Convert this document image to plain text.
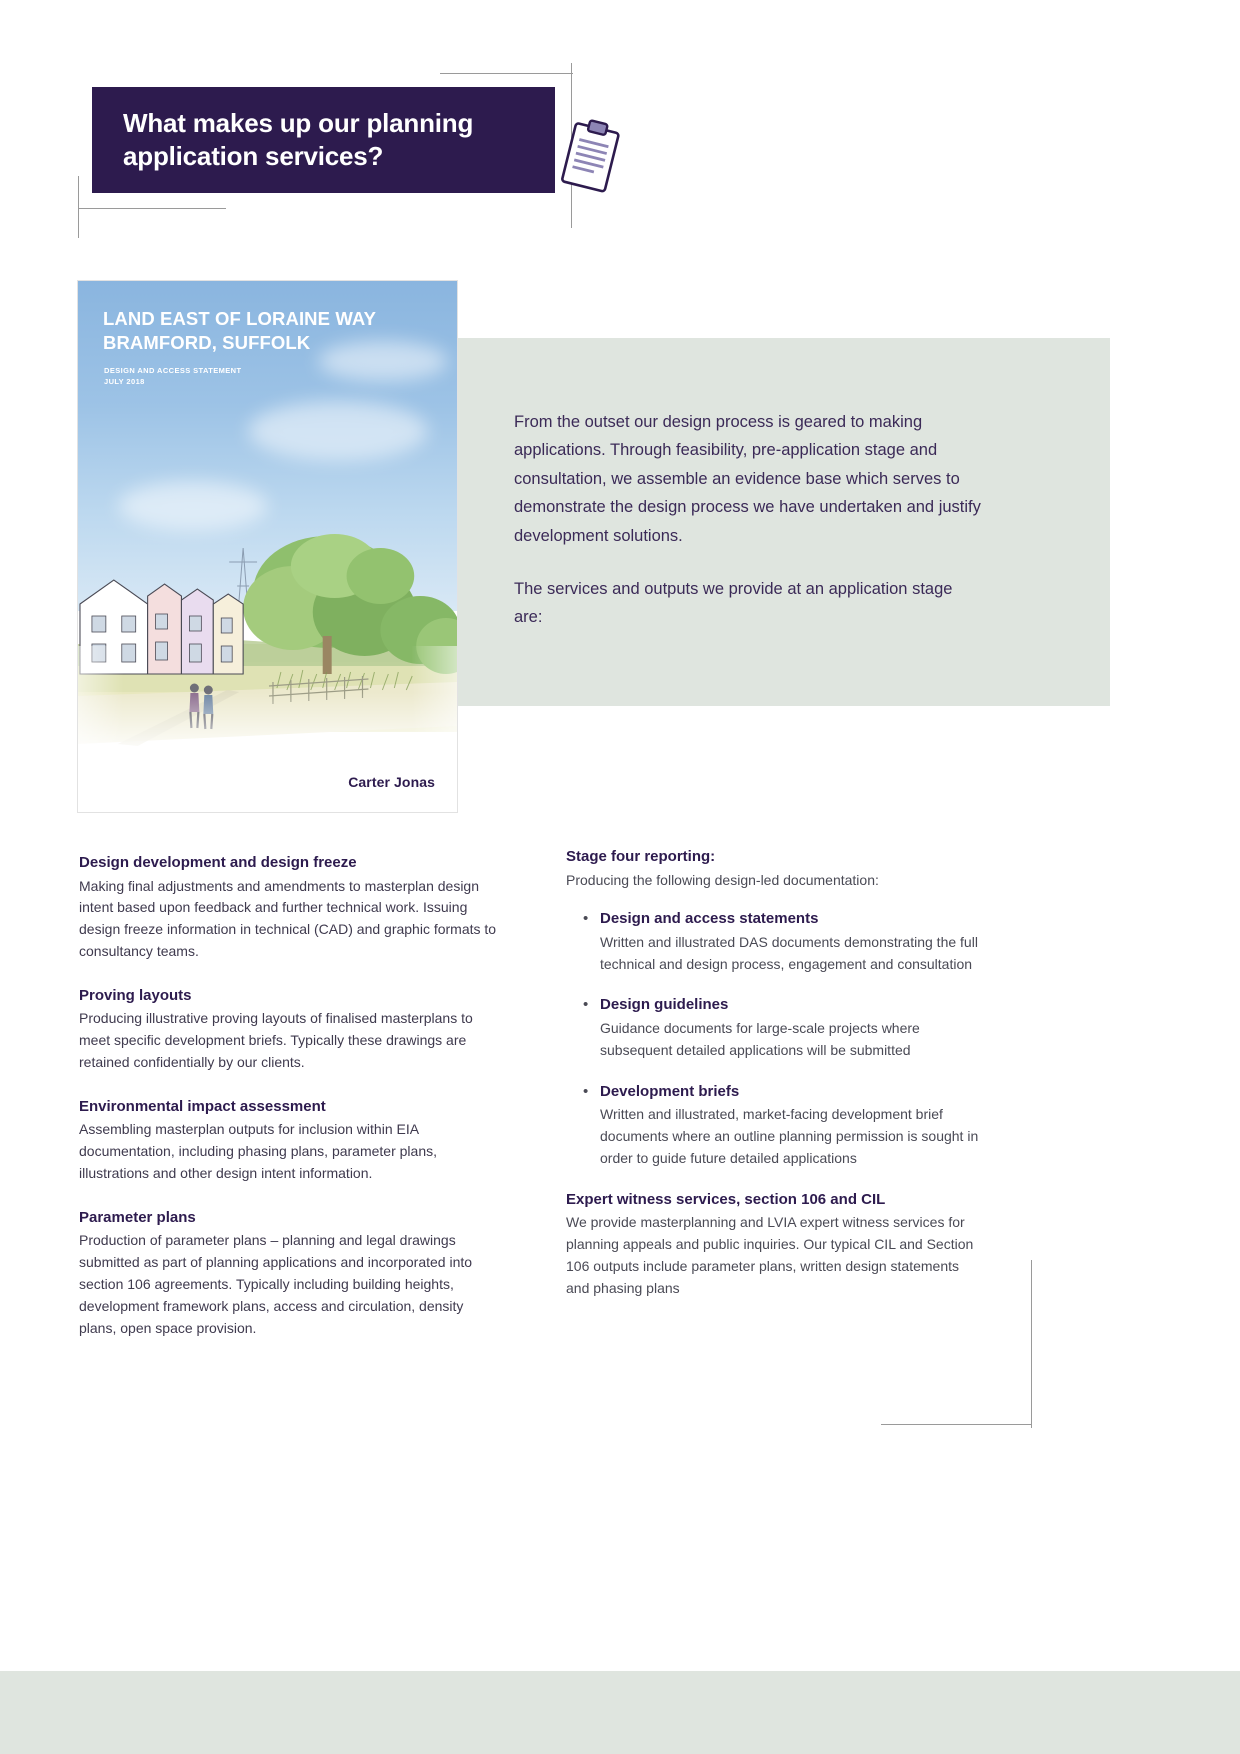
What makes up our planning application services?

From the outset our design process is geared to making applications. Through feasibility, pre-application stage and consultation, we assemble an evidence base which serves to demonstrate the design process we have undertaken and justify development solutions.

The services and outputs we provide at an application stage are:

LAND EAST OF LORAINE WAY
BRAMFORD, SUFFOLK
DESIGN AND ACCESS STATEMENT
JULY 2018
Carter Jonas
Design development and design freeze
Making final adjustments and amendments to masterplan design intent based upon feedback and further technical work. Issuing design freeze information in technical (CAD) and graphic formats to consultancy teams.
Proving layouts
Producing illustrative proving layouts of finalised masterplans to meet specific development briefs. Typically these drawings are retained confidentially by our clients.
Environmental impact assessment
Assembling masterplan outputs for inclusion within EIA documentation, including phasing plans, parameter plans, illustrations and other design intent information.
Parameter plans
Production of parameter plans – planning and legal drawings submitted as part of planning applications and incorporated into section 106 agreements. Typically including building heights, development framework plans, access and circulation, density plans, open space provision.
Stage four reporting:
Producing the following design-led documentation:
• Design and access statements
Written and illustrated DAS documents demonstrating the full technical and design process, engagement and consultation
• Design guidelines
Guidance documents for large-scale projects where subsequent detailed applications will be submitted
• Development briefs
Written and illustrated, market-facing development brief documents where an outline planning permission is sought in order to guide future detailed applications
Expert witness services, section 106 and CIL
We provide masterplanning and LVIA expert witness services for planning appeals and public inquiries. Our typical CIL and Section 106 outputs include parameter plans, written design statements and phasing plans
